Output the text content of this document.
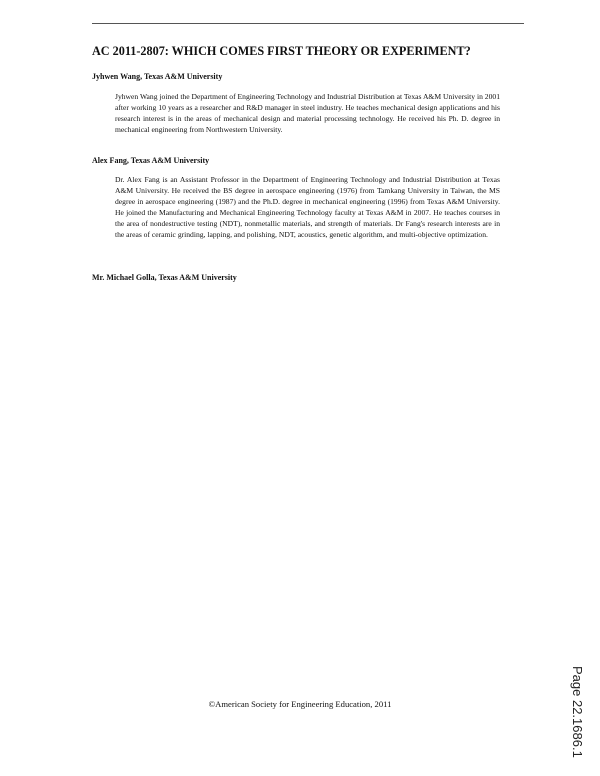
AC 2011-2807: WHICH COMES FIRST THEORY OR EXPERIMENT?
Jyhwen Wang, Texas A&M University
Jyhwen Wang joined the Department of Engineering Technology and Industrial Distribution at Texas A&M University in 2001 after working 10 years as a researcher and R&D manager in steel industry. He teaches mechanical design applications and his research interest is in the areas of mechanical design and material processing technology. He received his Ph. D. degree in mechanical engineering from Northwestern University.
Alex Fang, Texas A&M University
Dr. Alex Fang is an Assistant Professor in the Department of Engineering Technology and Industrial Distribution at Texas A&M University. He received the BS degree in aerospace engineering (1976) from Tamkang University in Taiwan, the MS degree in aerospace engineering (1987) and the Ph.D. degree in mechanical engineering (1996) from Texas A&M University. He joined the Manufacturing and Mechanical Engineering Technology faculty at Texas A&M in 2007. He teaches courses in the area of nondestructive testing (NDT), nonmetallic materials, and strength of materials. Dr Fang's research interests are in the areas of ceramic grinding, lapping, and polishing, NDT, acoustics, genetic algorithm, and multi-objective optimization.
Mr. Michael Golla, Texas A&M University
©American Society for Engineering Education, 2011	Page 22.1686.1
